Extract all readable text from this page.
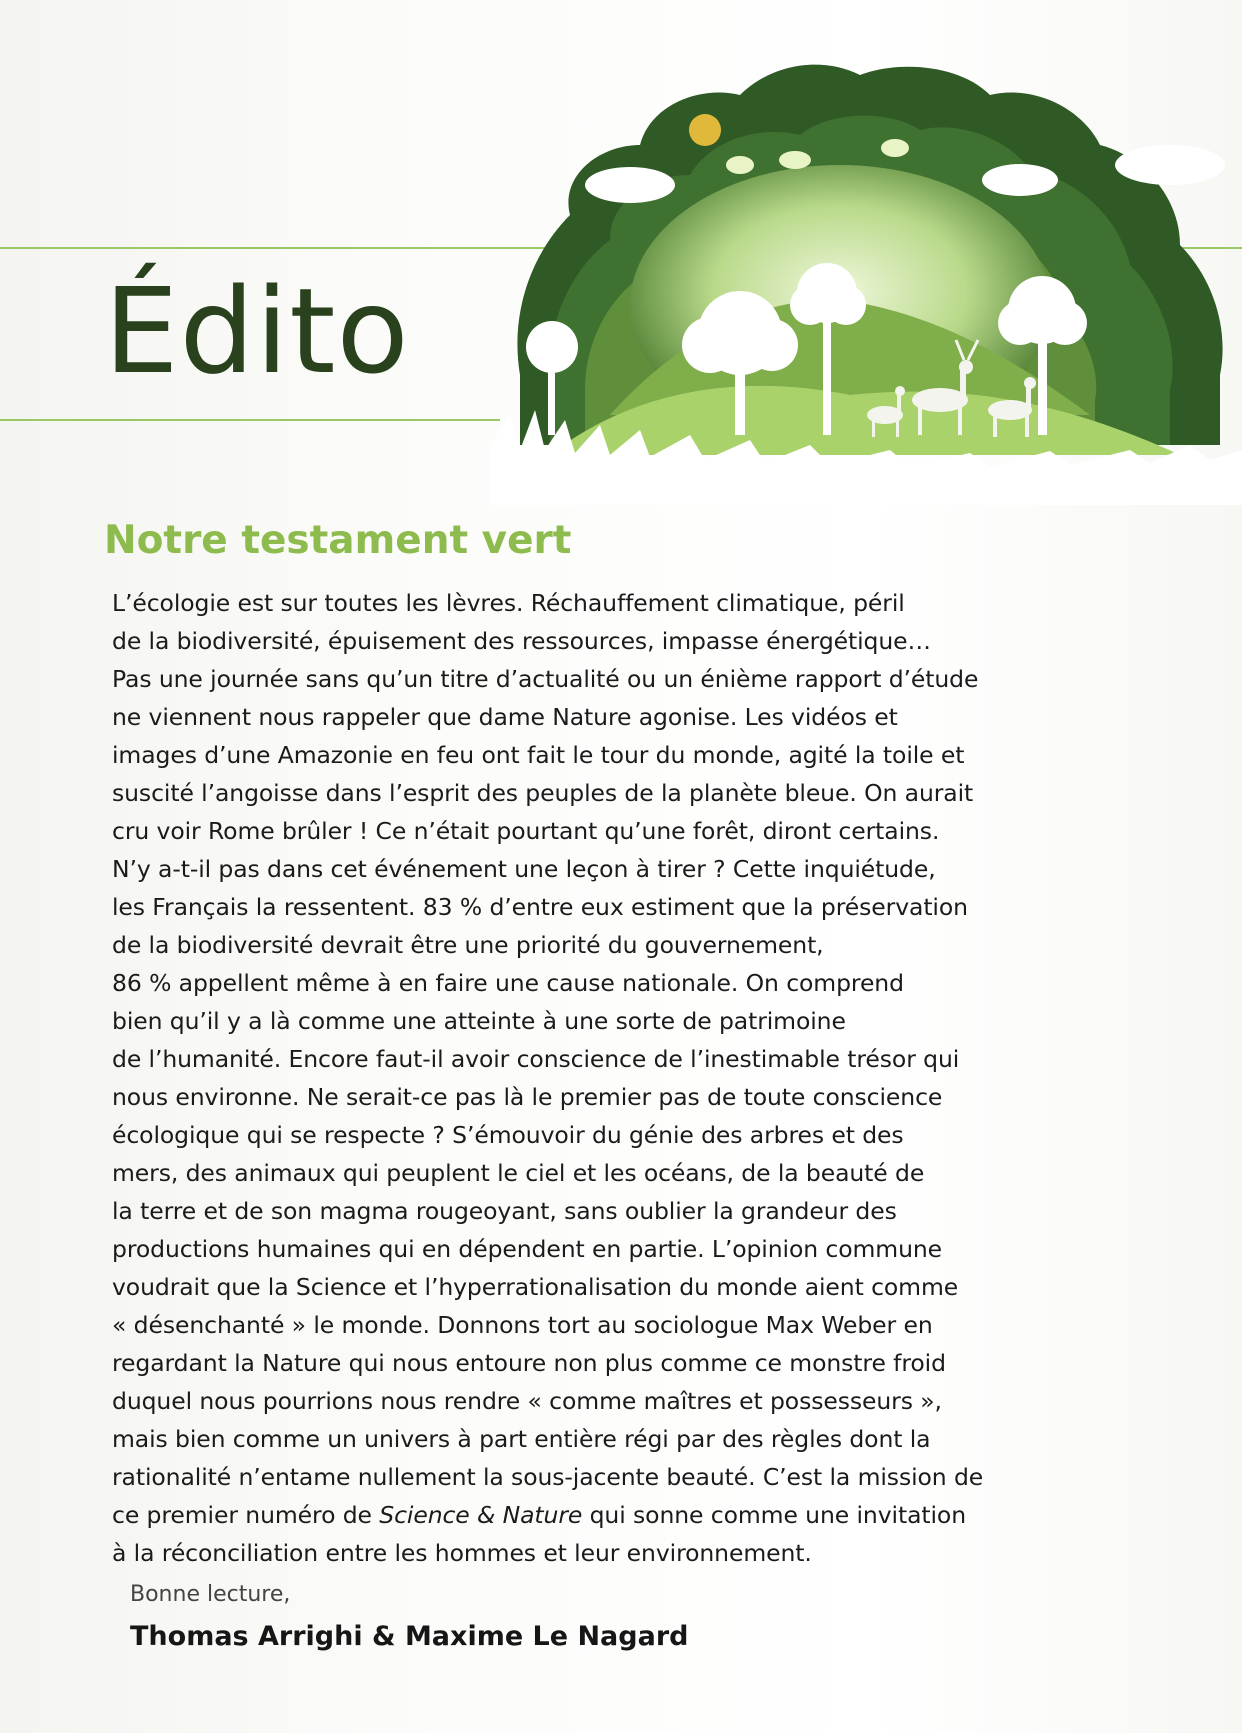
Édito
Notre testament vert
L’écologie est sur toutes les lèvres. Réchauffement climatique, péril
de la biodiversité, épuisement des ressources, impasse énergétique…
Pas une journée sans qu’un titre d’actualité ou un énième rapport d’étude
ne viennent nous rappeler que dame Nature agonise. Les vidéos et
images d’une Amazonie en feu ont fait le tour du monde, agité la toile et
suscité l’angoisse dans l’esprit des peuples de la planète bleue. On aurait
cru voir Rome brûler ! Ce n’était pourtant qu’une forêt, diront certains.
N’y a-t-il pas dans cet événement une leçon à tirer ? Cette inquiétude,
les Français la ressentent. 83 % d’entre eux estiment que la préservation
de la biodiversité devrait être une priorité du gouvernement,
86 % appellent même à en faire une cause nationale. On comprend
bien qu’il y a là comme une atteinte à une sorte de patrimoine
de l’humanité. Encore faut-il avoir conscience de l’inestimable trésor qui
nous environne. Ne serait-ce pas là le premier pas de toute conscience
écologique qui se respecte ? S’émouvoir du génie des arbres et des
mers, des animaux qui peuplent le ciel et les océans, de la beauté de
la terre et de son magma rougeoyant, sans oublier la grandeur des
productions humaines qui en dépendent en partie. L’opinion commune
voudrait que la Science et l’hyperrationalisation du monde aient comme
« désenchanté » le monde. Donnons tort au sociologue Max Weber en
regardant la Nature qui nous entoure non plus comme ce monstre froid
duquel nous pourrions nous rendre « comme maîtres et possesseurs »,
mais bien comme un univers à part entière régi par des règles dont la
rationalité n’entame nullement la sous-jacente beauté. C’est la mission de
ce premier numéro de Science & Nature qui sonne comme une invitation
à la réconciliation entre les hommes et leur environnement.
Bonne lecture,
Thomas Arrighi & Maxime Le Nagard
